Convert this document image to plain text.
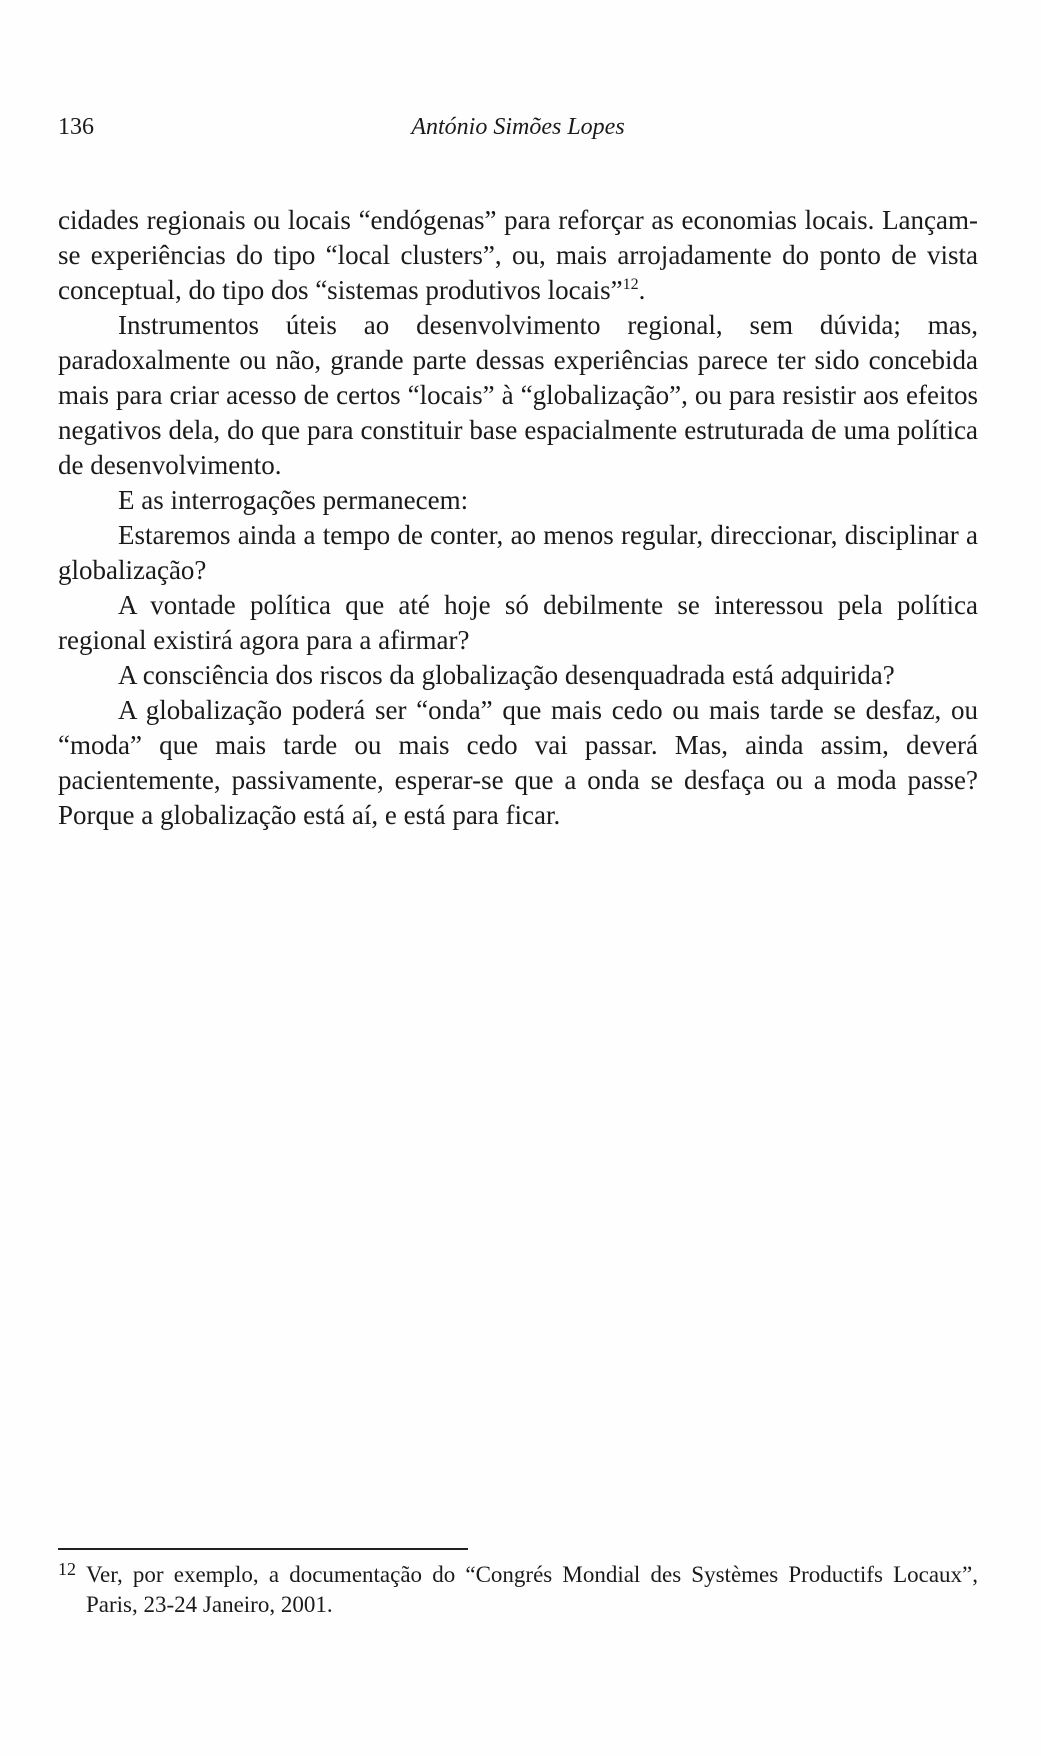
136	António Simões Lopes

cidades regionais ou locais “endógenas” para reforçar as economias locais. Lançam-se experiências do tipo “local clusters”, ou, mais arrojadamente do ponto de vista conceptual, do tipo dos “sistemas produtivos locais”$^{12}$.

Instrumentos úteis ao desenvolvimento regional, sem dúvida; mas, paradoxalmente ou não, grande parte dessas experiências parece ter sido concebida mais para criar acesso de certos “locais” à “globalização”, ou para resistir aos efeitos negativos dela, do que para constituir base espacialmente estruturada de uma política de desenvolvimento.

E as interrogações permanecem:

Estaremos ainda a tempo de conter, ao menos regular, direccionar, disciplinar a globalização?

A vontade política que até hoje só debilmente se interessou pela política regional existirá agora para a afirmar?

A consciência dos riscos da globalização desenquadrada está adquirida?

A globalização poderá ser “onda” que mais cedo ou mais tarde se desfaz, ou “moda” que mais tarde ou mais cedo vai passar. Mas, ainda assim, deverá pacientemente, passivamente, esperar-se que a onda se desfaça ou a moda passe? Porque a globalização está aí, e está para ficar.

12 Ver, por exemplo, a documentação do “Congrés Mondial des Systèmes Productifs Locaux”, Paris, 23-24 Janeiro, 2001.
